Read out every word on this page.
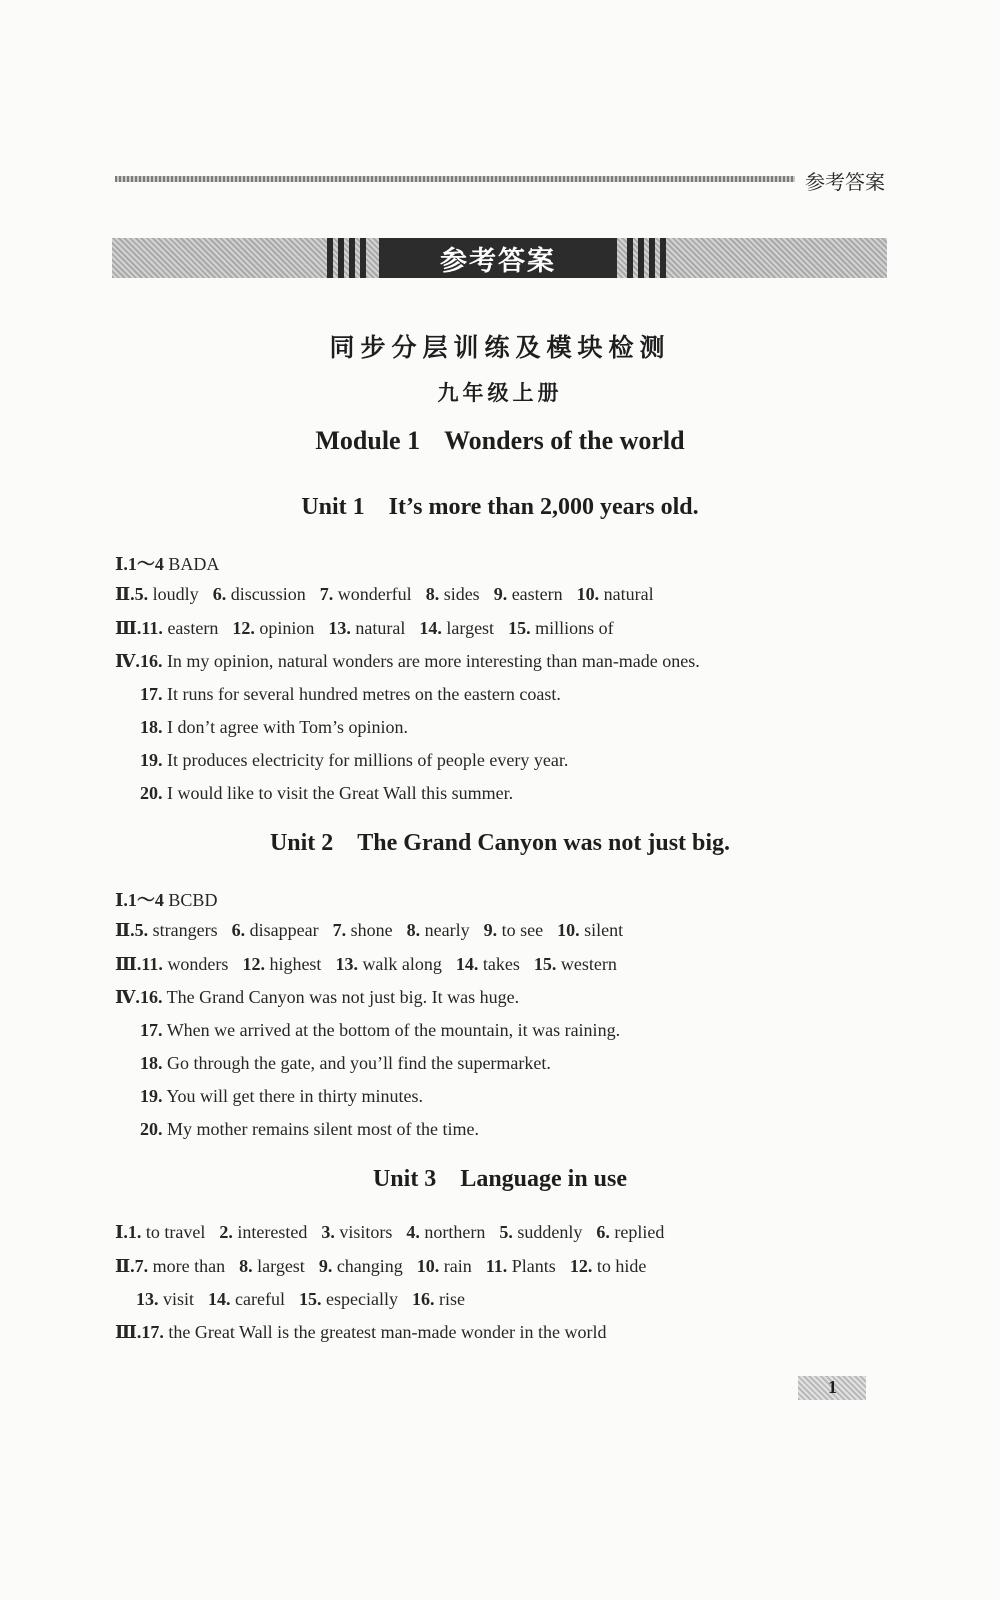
参考答案
参考答案
同步分层训练及模块检测
九年级上册
Module 1 Wonders of the world
Unit 1 It’s more than 2,000 years old.
Ⅰ.1～4 BADA
Ⅱ.5. loudly 6. discussion 7. wonderful 8. sides 9. eastern 10. natural
Ⅲ.11. eastern 12. opinion 13. natural 14. largest 15. millions of
Ⅳ.16. In my opinion, natural wonders are more interesting than man-made ones.
17. It runs for several hundred metres on the eastern coast.
18. I don’t agree with Tom’s opinion.
19. It produces electricity for millions of people every year.
20. I would like to visit the Great Wall this summer.
Unit 2 The Grand Canyon was not just big.
Ⅰ.1～4 BCBD
Ⅱ.5. strangers 6. disappear 7. shone 8. nearly 9. to see 10. silent
Ⅲ.11. wonders 12. highest 13. walk along 14. takes 15. western
Ⅳ.16. The Grand Canyon was not just big. It was huge.
17. When we arrived at the bottom of the mountain, it was raining.
18. Go through the gate, and you’ll find the supermarket.
19. You will get there in thirty minutes.
20. My mother remains silent most of the time.
Unit 3 Language in use
Ⅰ.1. to travel 2. interested 3. visitors 4. northern 5. suddenly 6. replied
Ⅱ.7. more than 8. largest 9. changing 10. rain 11. Plants 12. to hide
13. visit 14. careful 15. especially 16. rise
Ⅲ.17. the Great Wall is the greatest man-made wonder in the world
1
